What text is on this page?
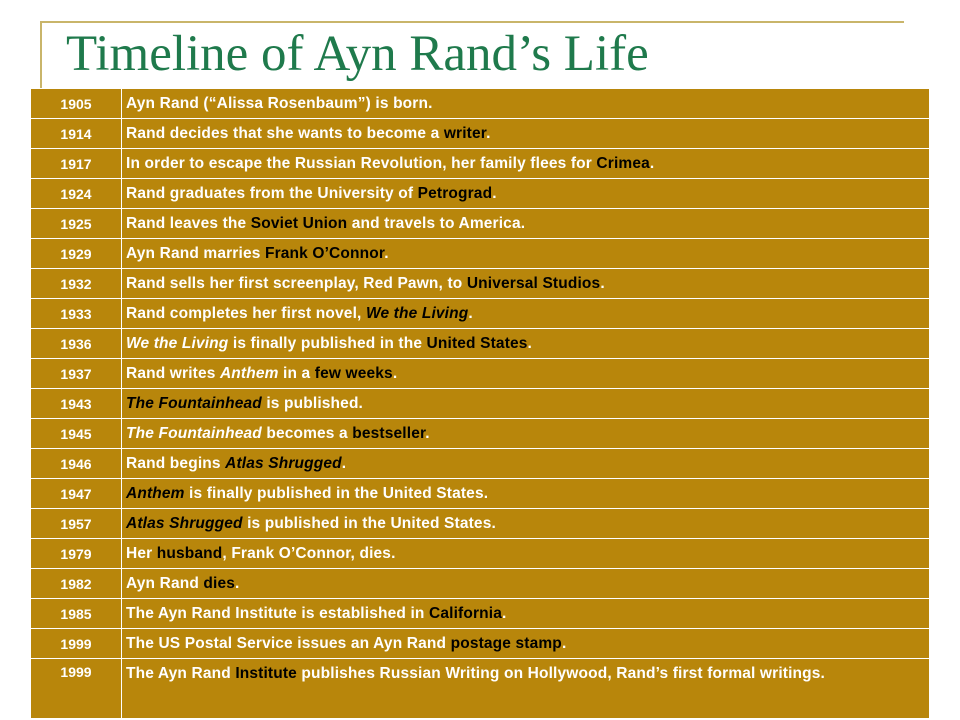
Timeline of Ayn Rand’s Life
1905	Ayn Rand (“Alissa Rosenbaum”) is born.
1914	Rand decides that she wants to become a writer.
1917	In order to escape the Russian Revolution, her family flees for Crimea.
1924	Rand graduates from the University of Petrograd.
1925	Rand leaves the Soviet Union and travels to America.
1929	Ayn Rand marries Frank O’Connor.
1932	Rand sells her first screenplay, Red Pawn, to Universal Studios.
1933	Rand completes her first novel, We the Living.
1936	We the Living is finally published in the United States.
1937	Rand writes Anthem in a few weeks.
1943	The Fountainhead is published.
1945	The Fountainhead becomes a bestseller.
1946	Rand begins Atlas Shrugged.
1947	Anthem is finally published in the United States.
1957	Atlas Shrugged is published in the United States.
1979	Her husband, Frank O’Connor, dies.
1982	Ayn Rand dies.
1985	The Ayn Rand Institute is established in California.
1999	The US Postal Service issues an Ayn Rand postage stamp.
1999	The Ayn Rand Institute publishes Russian Writing on Hollywood, Rand’s first formal writings.
